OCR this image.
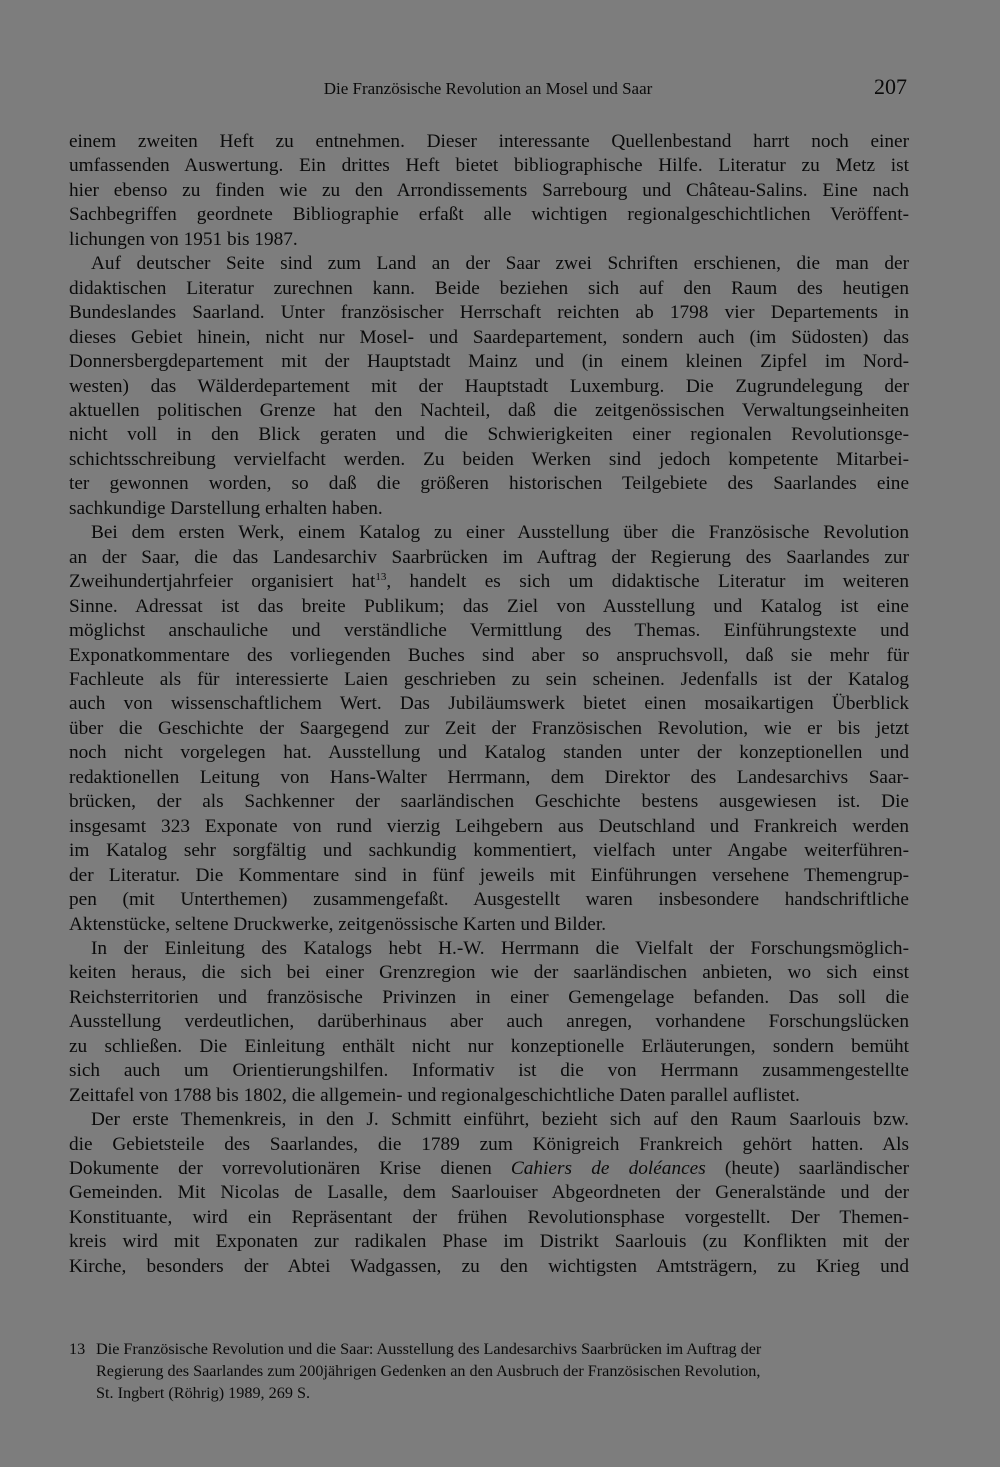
Die Französische Revolution an Mosel und Saar	207

einem zweiten Heft zu entnehmen. Dieser interessante Quellenbestand harrt noch einer
umfassenden Auswertung. Ein drittes Heft bietet bibliographische Hilfe. Literatur zu Metz ist
hier ebenso zu finden wie zu den Arrondissements Sarrebourg und Château-Salins. Eine nach
Sachbegriffen geordnete Bibliographie erfaßt alle wichtigen regionalgeschichtlichen Veröffent-
lichungen von 1951 bis 1987.

Auf deutscher Seite sind zum Land an der Saar zwei Schriften erschienen, die man der
didaktischen Literatur zurechnen kann. Beide beziehen sich auf den Raum des heutigen
Bundeslandes Saarland. Unter französischer Herrschaft reichten ab 1798 vier Departements in
dieses Gebiet hinein, nicht nur Mosel- und Saardepartement, sondern auch (im Südosten) das
Donnersbergdepartement mit der Hauptstadt Mainz und (in einem kleinen Zipfel im Nord-
westen) das Wälderdepartement mit der Hauptstadt Luxemburg. Die Zugrundelegung der
aktuellen politischen Grenze hat den Nachteil, daß die zeitgenössischen Verwaltungseinheiten
nicht voll in den Blick geraten und die Schwierigkeiten einer regionalen Revolutionsge-
schichtsschreibung vervielfacht werden. Zu beiden Werken sind jedoch kompetente Mitarbei-
ter gewonnen worden, so daß die größeren historischen Teilgebiete des Saarlandes eine
sachkundige Darstellung erhalten haben.

Bei dem ersten Werk, einem Katalog zu einer Ausstellung über die Französische Revolution
an der Saar, die das Landesarchiv Saarbrücken im Auftrag der Regierung des Saarlandes zur
Zweihundertjahrfeier organisiert hat$^{13}$, handelt es sich um didaktische Literatur im weiteren
Sinne. Adressat ist das breite Publikum; das Ziel von Ausstellung und Katalog ist eine
möglichst anschauliche und verständliche Vermittlung des Themas. Einführungstexte und
Exponatkommentare des vorliegenden Buches sind aber so anspruchsvoll, daß sie mehr für
Fachleute als für interessierte Laien geschrieben zu sein scheinen. Jedenfalls ist der Katalog
auch von wissenschaftlichem Wert. Das Jubiläumswerk bietet einen mosaikartigen Überblick
über die Geschichte der Saargegend zur Zeit der Französischen Revolution, wie er bis jetzt
noch nicht vorgelegen hat. Ausstellung und Katalog standen unter der konzeptionellen und
redaktionellen Leitung von Hans-Walter Herrmann, dem Direktor des Landesarchivs Saar-
brücken, der als Sachkenner der saarländischen Geschichte bestens ausgewiesen ist. Die
insgesamt 323 Exponate von rund vierzig Leihgebern aus Deutschland und Frankreich werden
im Katalog sehr sorgfältig und sachkundig kommentiert, vielfach unter Angabe weiterführen-
der Literatur. Die Kommentare sind in fünf jeweils mit Einführungen versehene Themengrup-
pen (mit Unterthemen) zusammengefaßt. Ausgestellt waren insbesondere handschriftliche
Aktenstücke, seltene Druckwerke, zeitgenössische Karten und Bilder.

In der Einleitung des Katalogs hebt H.-W. Herrmann die Vielfalt der Forschungsmöglich-
keiten heraus, die sich bei einer Grenzregion wie der saarländischen anbieten, wo sich einst
Reichsterritorien und französische Privinzen in einer Gemengelage befanden. Das soll die
Ausstellung verdeutlichen, darüberhinaus aber auch anregen, vorhandene Forschungslücken
zu schließen. Die Einleitung enthält nicht nur konzeptionelle Erläuterungen, sondern bemüht
sich auch um Orientierungshilfen. Informativ ist die von Herrmann zusammengestellte
Zeittafel von 1788 bis 1802, die allgemein- und regionalgeschichtliche Daten parallel auflistet.

Der erste Themenkreis, in den J. Schmitt einführt, bezieht sich auf den Raum Saarlouis bzw.
die Gebietsteile des Saarlandes, die 1789 zum Königreich Frankreich gehört hatten. Als
Dokumente der vorrevolutionären Krise dienen Cahiers de doléances (heute) saarländischer
Gemeinden. Mit Nicolas de Lasalle, dem Saarlouiser Abgeordneten der Generalstände und der
Konstituante, wird ein Repräsentant der frühen Revolutionsphase vorgestellt. Der Themen-
kreis wird mit Exponaten zur radikalen Phase im Distrikt Saarlouis (zu Konflikten mit der
Kirche, besonders der Abtei Wadgassen, zu den wichtigsten Amtsträgern, zu Krieg und

13 Die Französische Revolution und die Saar: Ausstellung des Landesarchivs Saarbrücken im Auftrag der
Regierung des Saarlandes zum 200jährigen Gedenken an den Ausbruch der Französischen Revolution,
St. Ingbert (Röhrig) 1989, 269 S.
